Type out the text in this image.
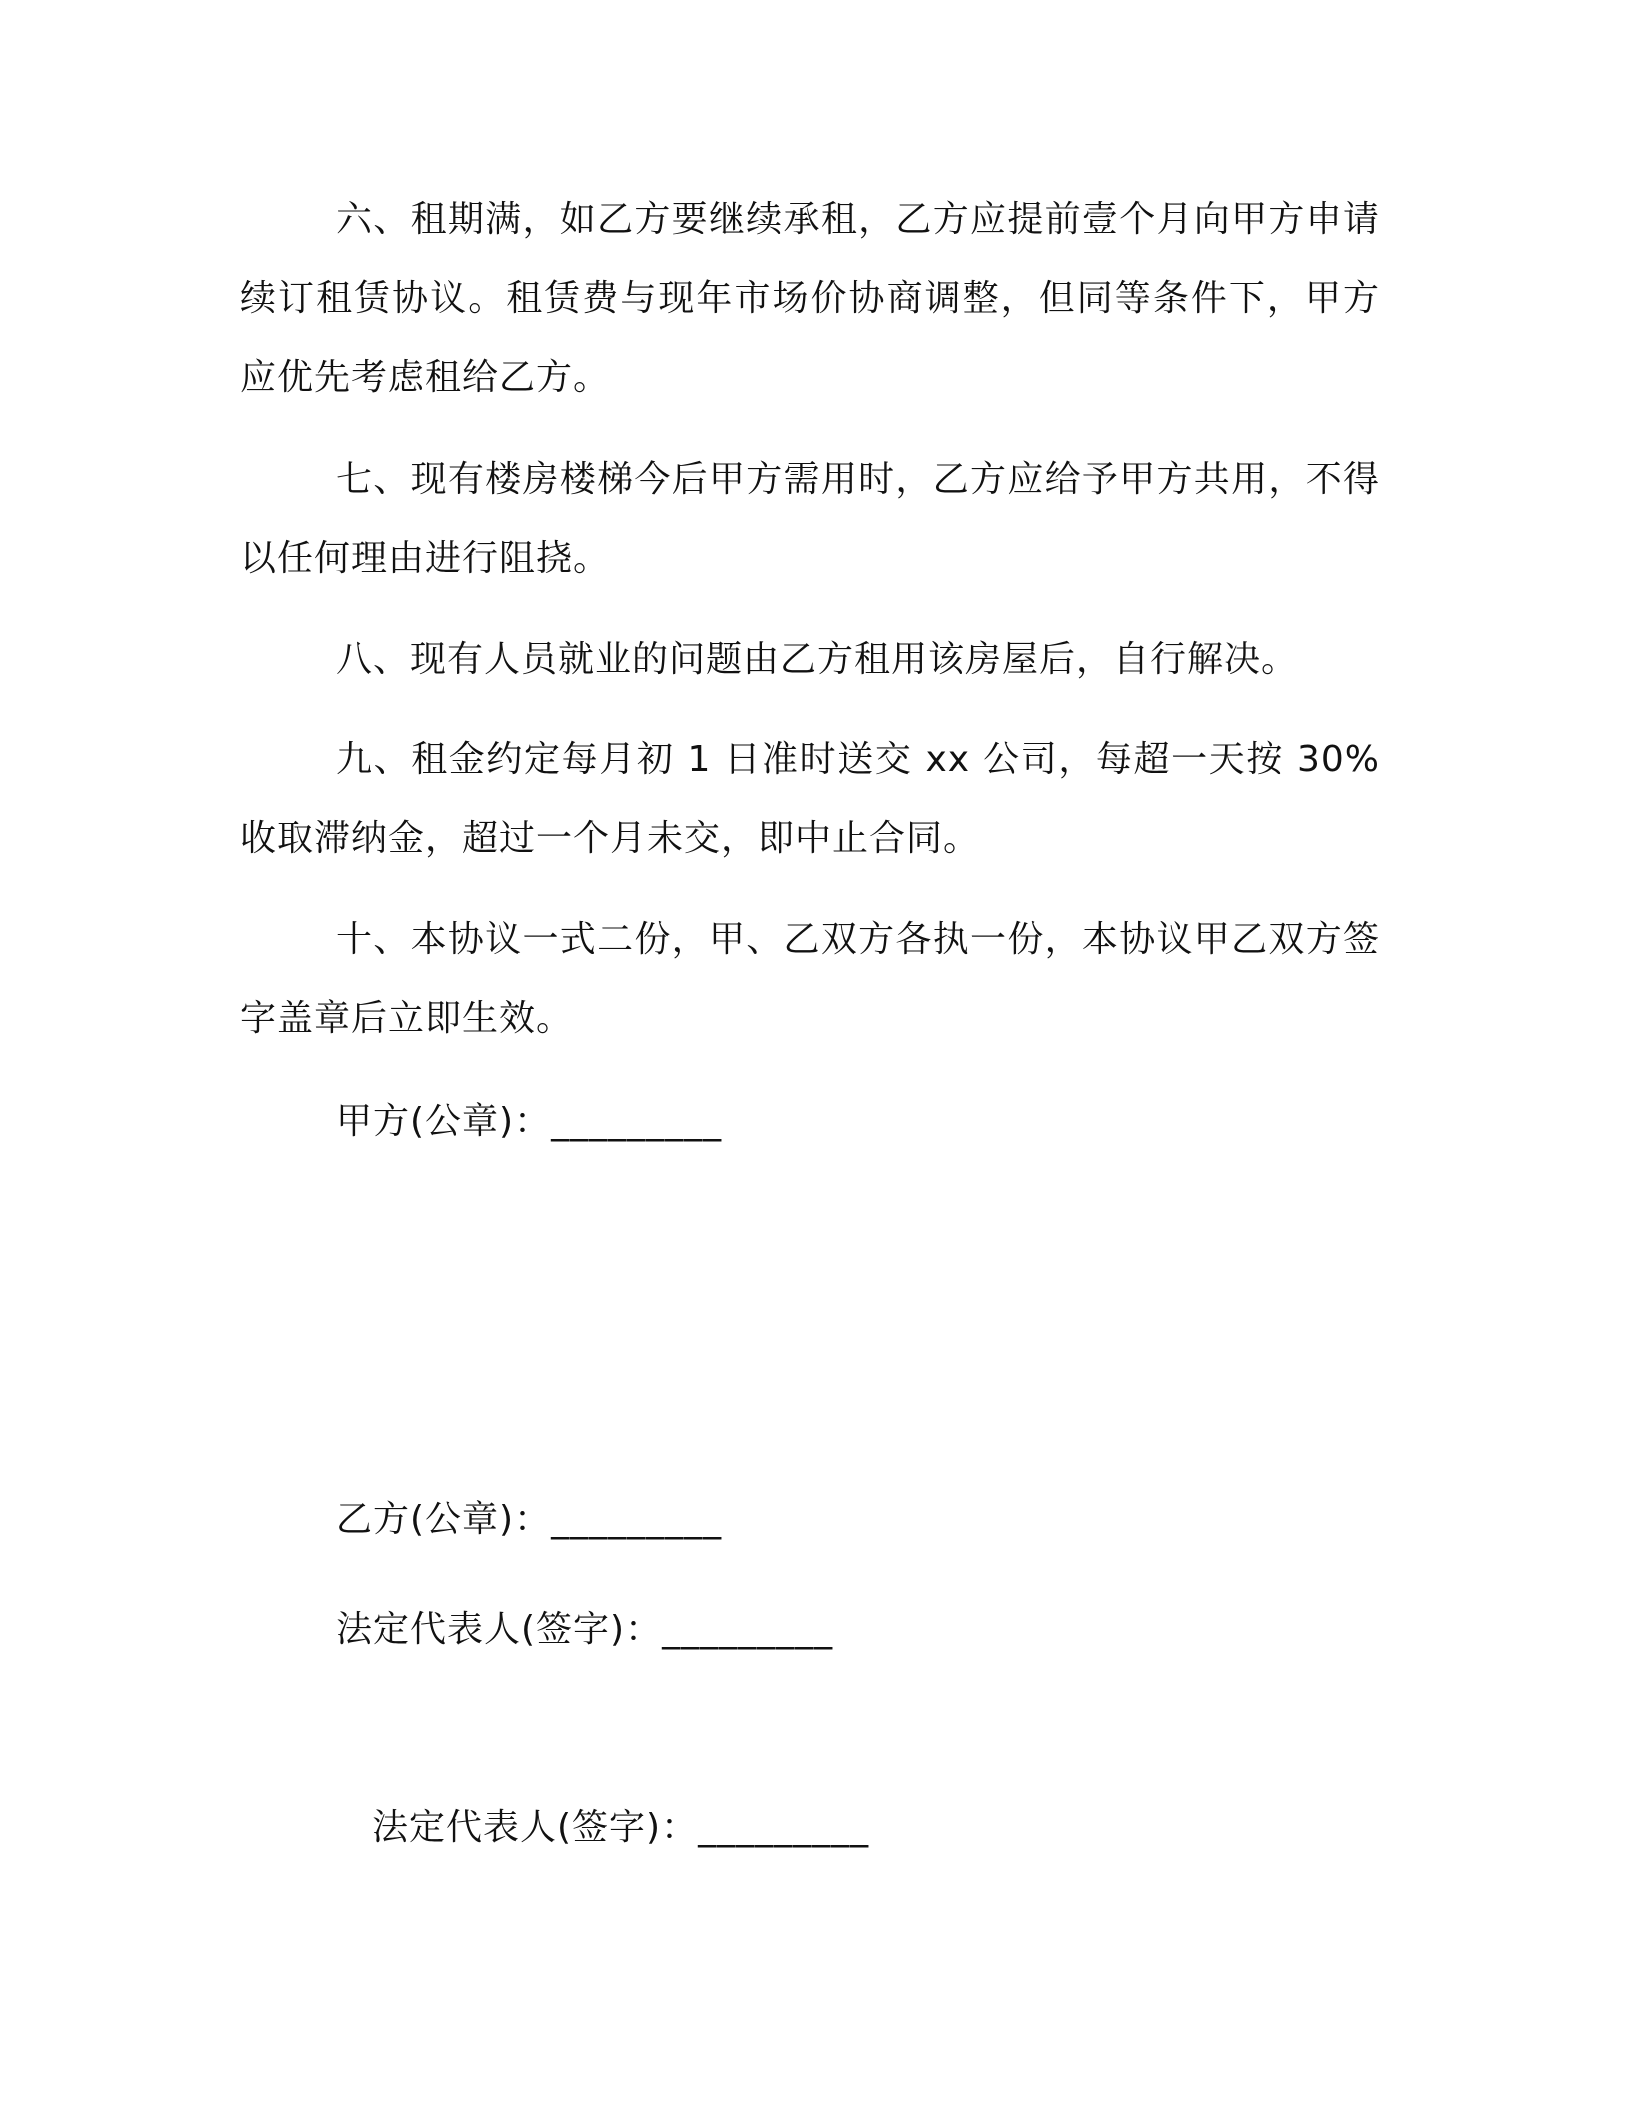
六、租期满，如乙方要继续承租，乙方应提前壹个月向甲方申请续订租赁协议。租赁费与现年市场价协商调整，但同等条件下，甲方应优先考虑租给乙方。

七、现有楼房楼梯今后甲方需用时，乙方应给予甲方共用，不得以任何理由进行阻挠。

八、现有人员就业的问题由乙方租用该房屋后，自行解决。

九、租金约定每月初 1 日准时送交 xx 公司，每超一天按 30%收取滞纳金，超过一个月未交，即中止合同。

十、本协议一式二份，甲、乙双方各执一份，本协议甲乙双方签字盖章后立即生效。

甲方(公章)：_________

乙方(公章)：_________

法定代表人(签字)：_________

法定代表人(签字)：_________
